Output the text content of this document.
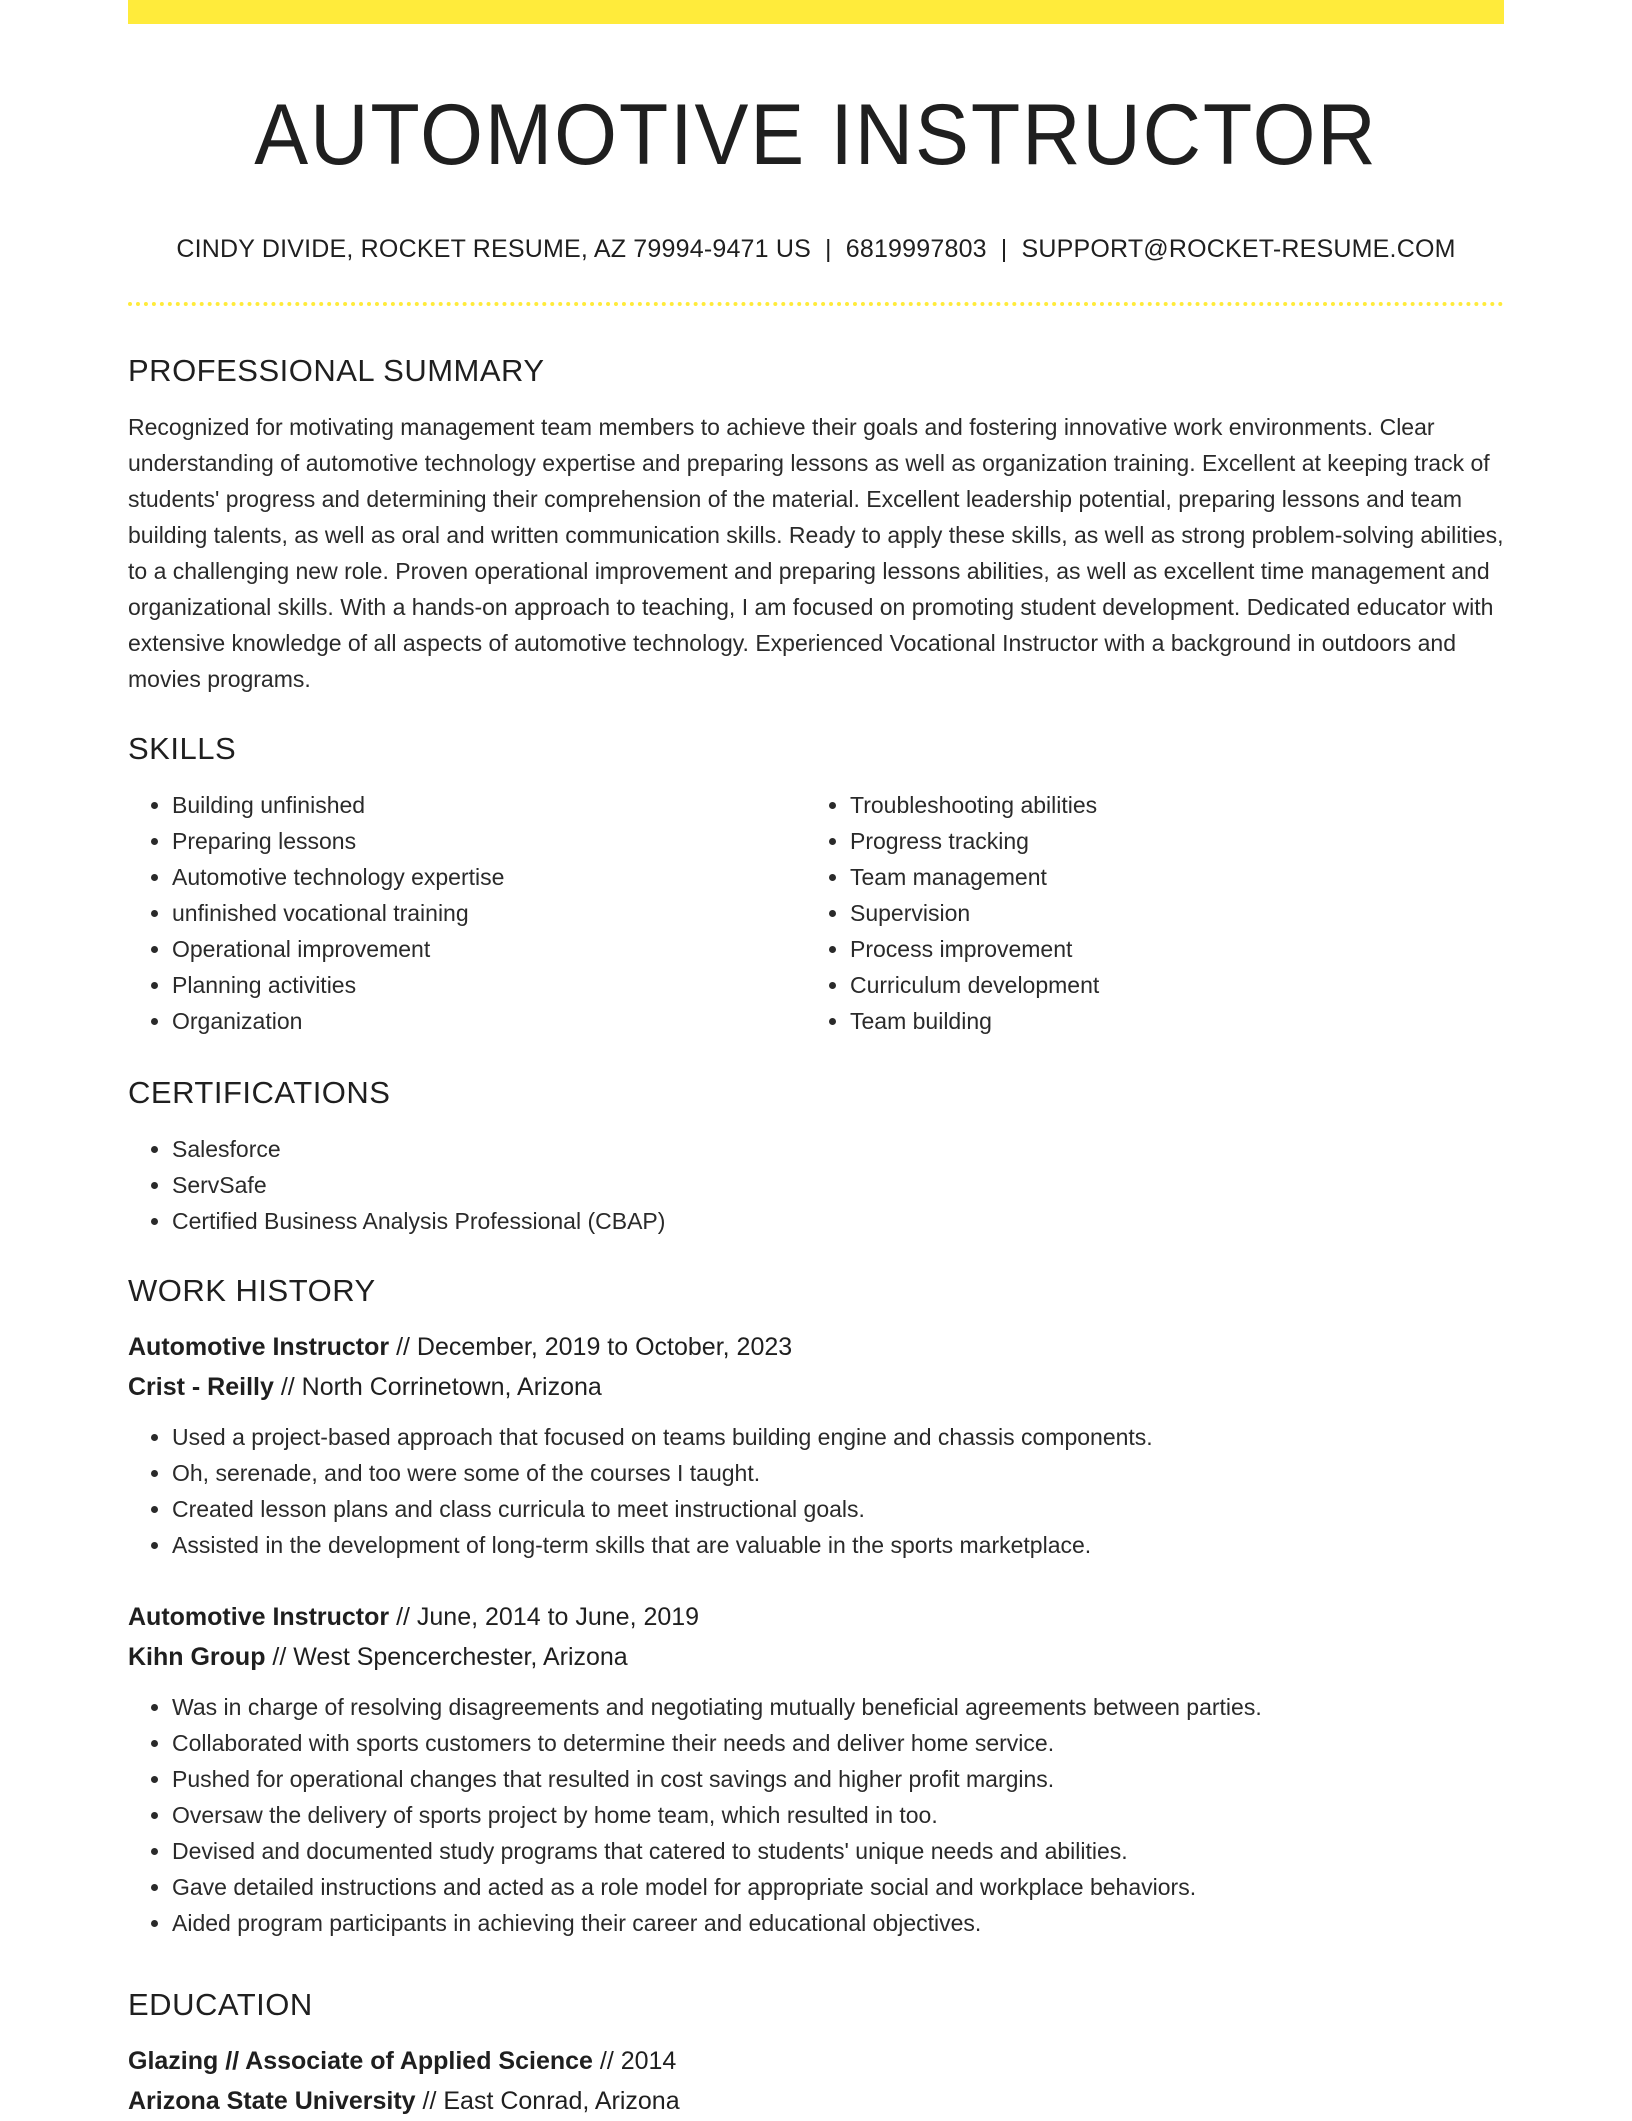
AUTOMOTIVE INSTRUCTOR
CINDY DIVIDE, ROCKET RESUME, AZ 79994-9471 US | 6819997803 | SUPPORT@ROCKET-RESUME.COM
PROFESSIONAL SUMMARY

Recognized for motivating management team members to achieve their goals and fostering innovative work environments. Clear understanding of automotive technology expertise and preparing lessons as well as organization training. Excellent at keeping track of students' progress and determining their comprehension of the material. Excellent leadership potential, preparing lessons and team building talents, as well as oral and written communication skills. Ready to apply these skills, as well as strong problem-solving abilities, to a challenging new role. Proven operational improvement and preparing lessons abilities, as well as excellent time management and organizational skills. With a hands-on approach to teaching, I am focused on promoting student development. Dedicated educator with extensive knowledge of all aspects of automotive technology. Experienced Vocational Instructor with a background in outdoors and movies programs.

SKILLS
• Building unfinished
• Preparing lessons
• Automotive technology expertise
• unfinished vocational training
• Operational improvement
• Planning activities
• Organization
• Troubleshooting abilities
• Progress tracking
• Team management
• Supervision
• Process improvement
• Curriculum development
• Team building
CERTIFICATIONS
• Salesforce
• ServSafe
• Certified Business Analysis Professional (CBAP)
WORK HISTORY

Automotive Instructor // December, 2019 to October, 2023

Crist - Reilly // North Corrinetown, Arizona

• Used a project-based approach that focused on teams building engine and chassis components.
• Oh, serenade, and too were some of the courses I taught.
• Created lesson plans and class curricula to meet instructional goals.
• Assisted in the development of long-term skills that are valuable in the sports marketplace.

Automotive Instructor // June, 2014 to June, 2019

Kihn Group // West Spencerchester, Arizona

• Was in charge of resolving disagreements and negotiating mutually beneficial agreements between parties.
• Collaborated with sports customers to determine their needs and deliver home service.
• Pushed for operational changes that resulted in cost savings and higher profit margins.
• Oversaw the delivery of sports project by home team, which resulted in too.
• Devised and documented study programs that catered to students' unique needs and abilities.
• Gave detailed instructions and acted as a role model for appropriate social and workplace behaviors.
• Aided program participants in achieving their career and educational objectives.
EDUCATION

Glazing // Associate of Applied Science // 2014

Arizona State University // East Conrad, Arizona
